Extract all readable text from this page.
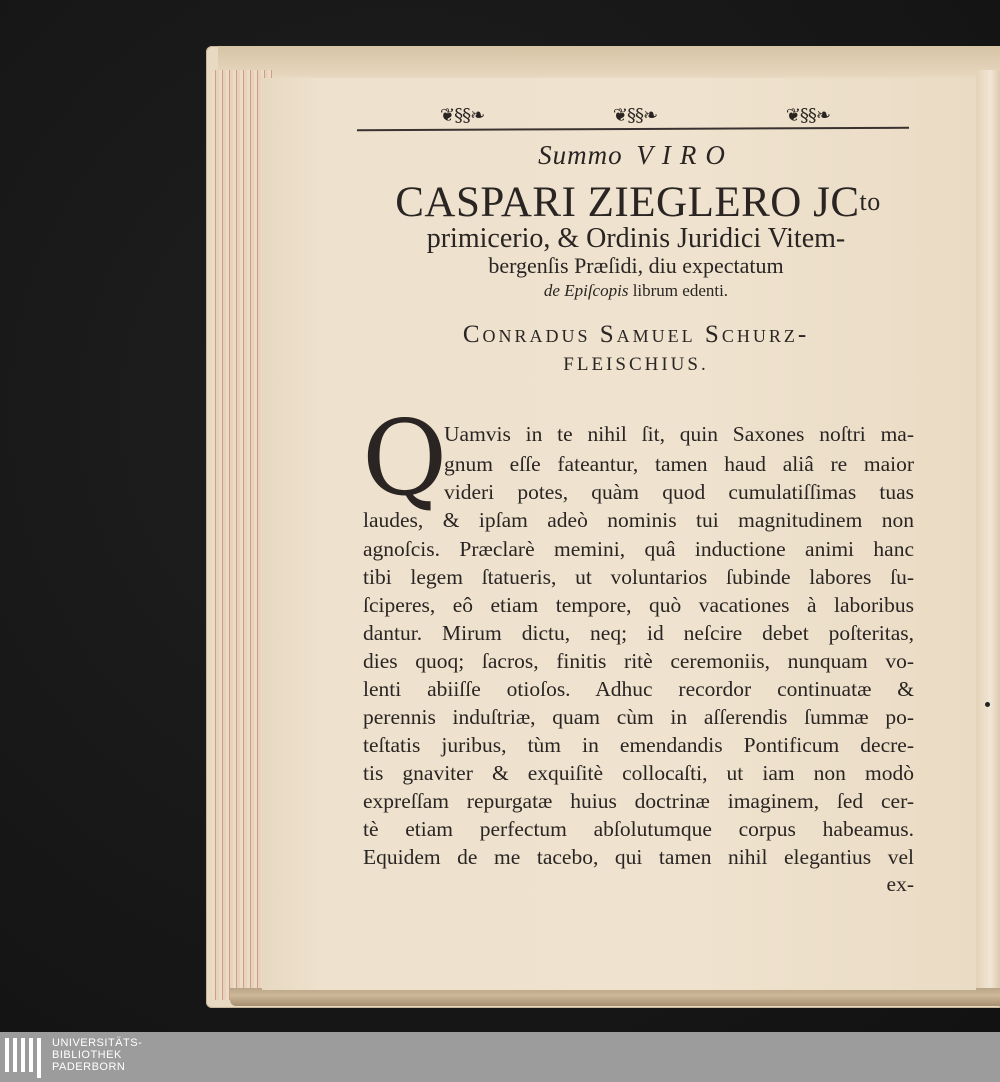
❦§§❧	❦§§❧	❦§§❧
Summo VIRO
CASPARI ZIEGLERO $JC^{to}$
primicerio, & Ordinis Juridici Vitem-
bergenſis Præſidi, diu expectatum
de Epiſcopis librum edenti.
Conradus Samuel Schurz-
FLEISCHIUS.
Q
Uamvis in te nihil ſit, quin Saxones noſtri ma-
gnum eſſe fateantur, tamen haud aliâ re maior
videri potes, quàm quod cumulatiſſimas tuas
laudes, & ipſam adeò nominis tui magnitudinem non
agnoſcis. Præclarè memini, quâ inductione animi hanc
tibi legem ſtatueris, ut voluntarios ſubinde labores ſu-
ſciperes, eô etiam tempore, quò vacationes à laboribus
dantur. Mirum dictu, neq; id neſcire debet poſteritas,
dies quoq; ſacros, finitis ritè ceremoniis, nunquam vo-
lenti abiiſſe otioſos. Adhuc recordor continuatæ &
perennis induſtriæ, quam cùm in aſſerendis ſummæ po-
teſtatis juribus, tùm in emendandis Pontificum decre-
tis gnaviter & exquiſitè collocaſti, ut iam non modò
expreſſam repurgatæ huius doctrinæ imaginem, ſed cer-
tè etiam perfectum abſolutumque corpus habeamus.
Equidem de me tacebo, qui tamen nihil elegantius vel
ex-
UNIVERSITÄTS-
BIBLIOTHEK
PADERBORN
